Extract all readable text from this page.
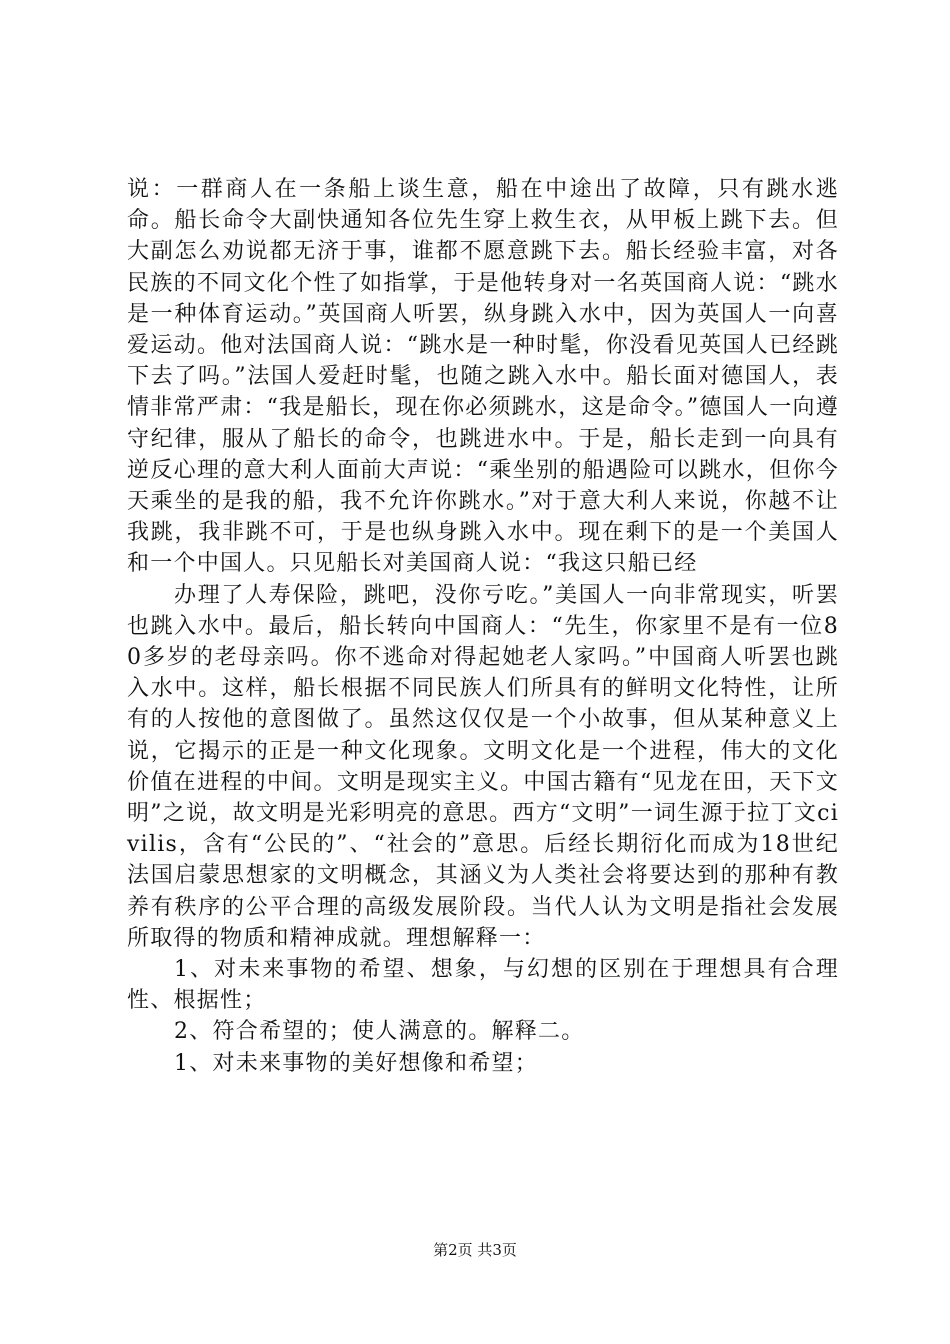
说：一群商人在一条船上谈生意，船在中途出了故障，只有跳水逃命。船长命令大副快通知各位先生穿上救生衣，从甲板上跳下去。但大副怎么劝说都无济于事，谁都不愿意跳下去。船长经验丰富，对各民族的不同文化个性了如指掌，于是他转身对一名英国商人说：“跳水是一种体育运动。”英国商人听罢，纵身跳入水中，因为英国人一向喜爱运动。他对法国商人说：“跳水是一种时髦，你没看见英国人已经跳下去了吗。”法国人爱赶时髦，也随之跳入水中。船长面对德国人，表情非常严肃：“我是船长，现在你必须跳水，这是命令。”德国人一向遵守纪律，服从了船长的命令，也跳进水中。于是，船长走到一向具有逆反心理的意大利人面前大声说：“乘坐别的船遇险可以跳水，但你今天乘坐的是我的船，我不允许你跳水。”对于意大利人来说，你越不让我跳，我非跳不可，于是也纵身跳入水中。现在剩下的是一个美国人和一个中国人。只见船长对美国商人说：“我这只船已经

办理了人寿保险，跳吧，没你亏吃。”美国人一向非常现实，听罢也跳入水中。最后，船长转向中国商人：“先生，你家里不是有一位80多岁的老母亲吗。你不逃命对得起她老人家吗。”中国商人听罢也跳入水中。这样，船长根据不同民族人们所具有的鲜明文化特性，让所有的人按他的意图做了。虽然这仅仅是一个小故事，但从某种意义上说，它揭示的正是一种文化现象。文明文化是一个进程，伟大的文化价值在进程的中间。文明是现实主义。中国古籍有“见龙在田，天下文明”之说，故文明是光彩明亮的意思。西方“文明”一词生源于拉丁文civilis，含有“公民的”、“社会的”意思。后经长期衍化而成为18世纪法国启蒙思想家的文明概念，其涵义为人类社会将要达到的那种有教养有秩序的公平合理的高级发展阶段。当代人认为文明是指社会发展所取得的物质和精神成就。理想解释一：

1、对未来事物的希望、想象，与幻想的区别在于理想具有合理性、根据性；

2、符合希望的；使人满意的。解释二。

1、对未来事物的美好想像和希望；

第2页 共3页
